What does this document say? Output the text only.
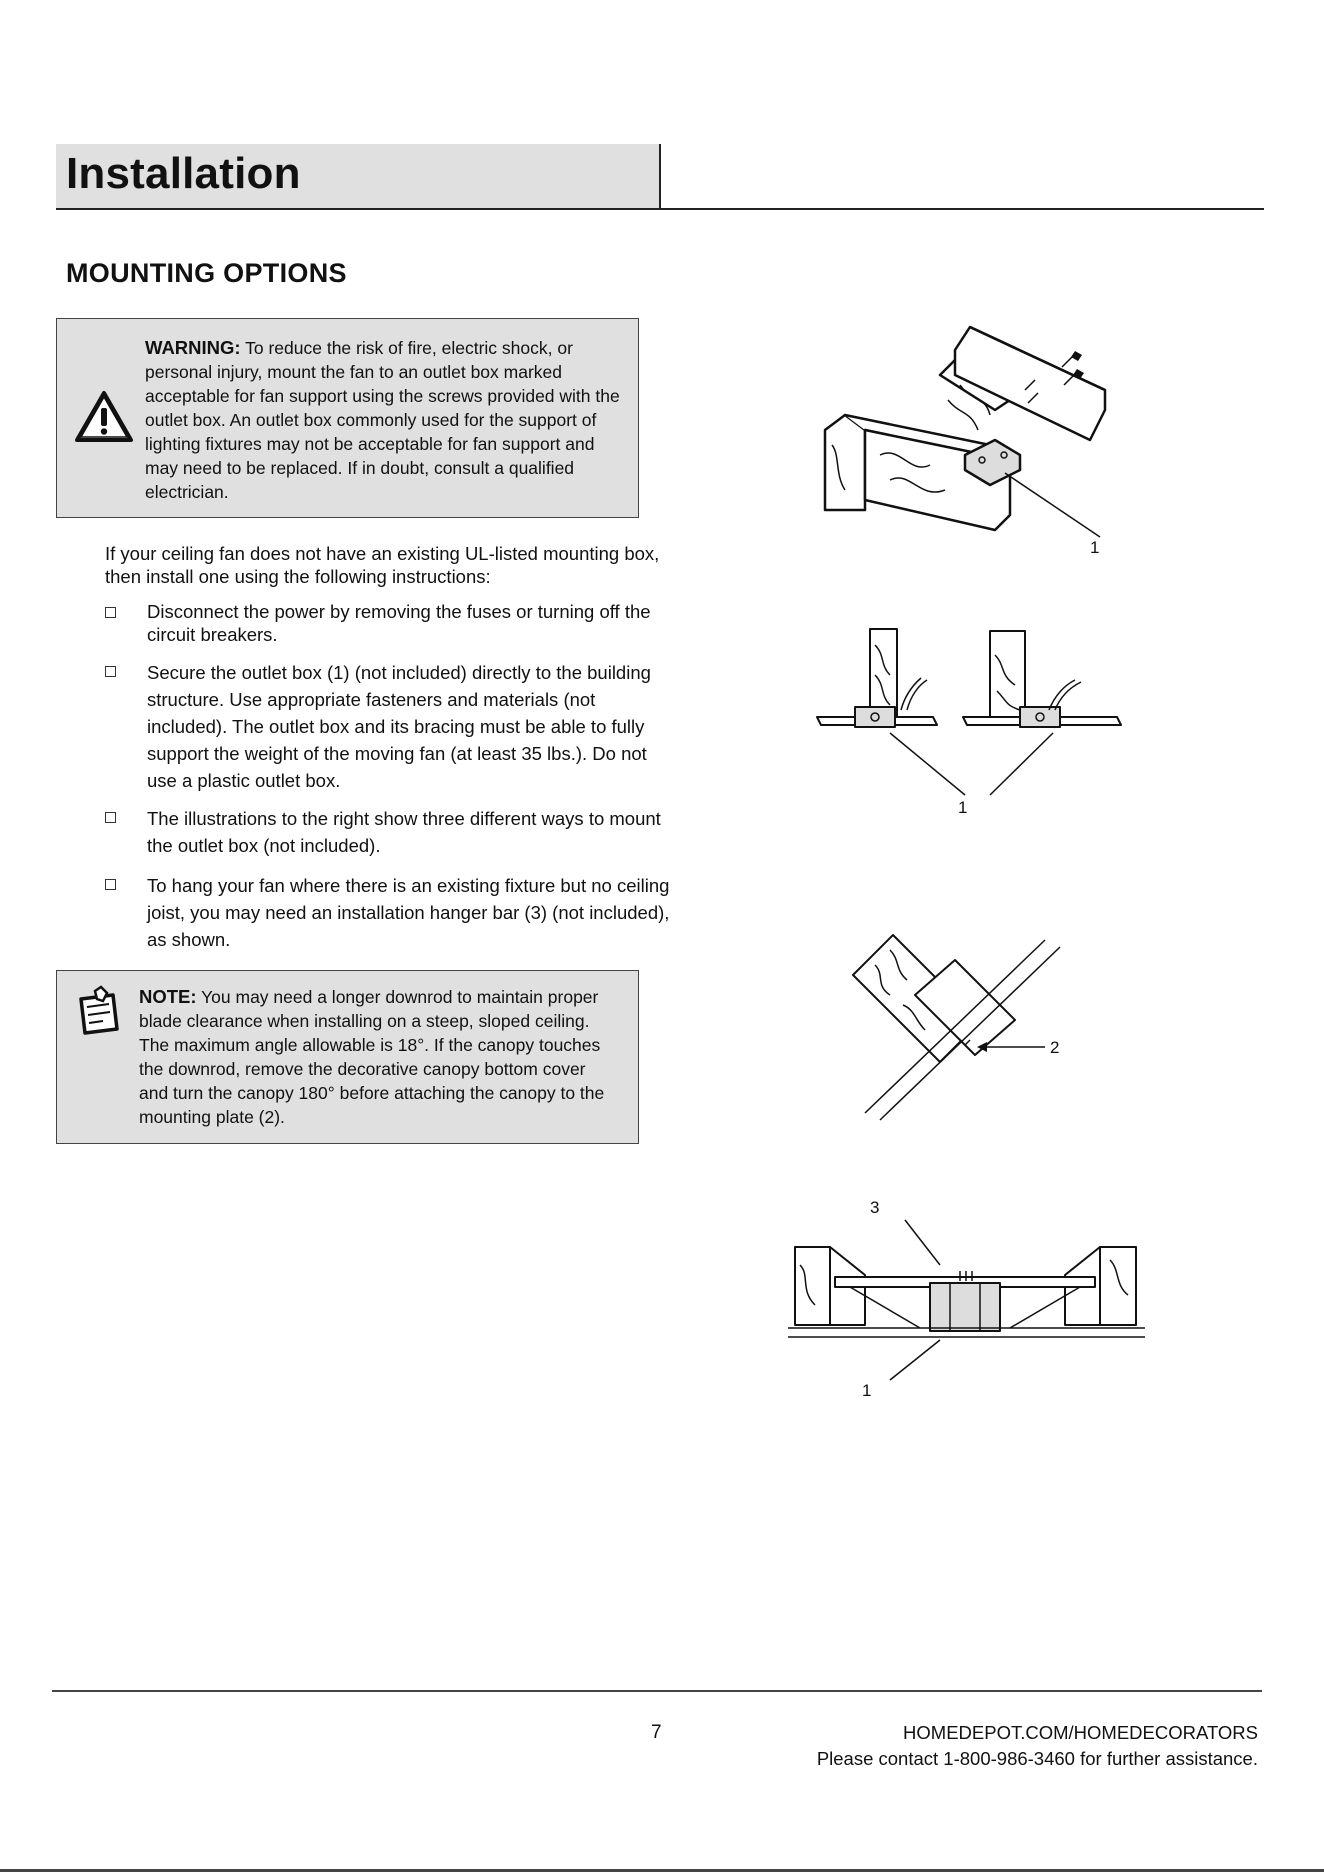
Installation
MOUNTING OPTIONS
WARNING: To reduce the risk of fire, electric shock, or personal injury, mount the fan to an outlet box marked acceptable for fan support using the screws provided with the outlet box. An outlet box commonly used for the support of lighting fixtures may not be acceptable for fan support and may need to be replaced. If in doubt, consult a qualified electrician.

If your ceiling fan does not have an existing UL-listed mounting box, then install one using the following instructions:

Disconnect the power by removing the fuses or turning off the circuit breakers.
Secure the outlet box (1) (not included) directly to the building structure. Use appropriate fasteners and materials (not included). The outlet box and its bracing must be able to fully support the weight of the moving fan (at least 35 lbs.). Do not use a plastic outlet box.
The illustrations to the right show three different ways to mount the outlet box (not included).
To hang your fan where there is an existing fixture but no ceiling joist, you may need an installation hanger bar (3) (not included), as shown.
NOTE: You may need a longer downrod to maintain proper blade clearance when installing on a steep, sloped ceiling. The maximum angle allowable is 18°. If the canopy touches the downrod, remove the decorative canopy bottom cover and turn the canopy 180° before attaching the canopy to the mounting plate (2).
1
1
2
3
1
7	HOMEDEPOT.COM/HOMEDECORATORS
Please contact 1-800-986-3460 for further assistance.
